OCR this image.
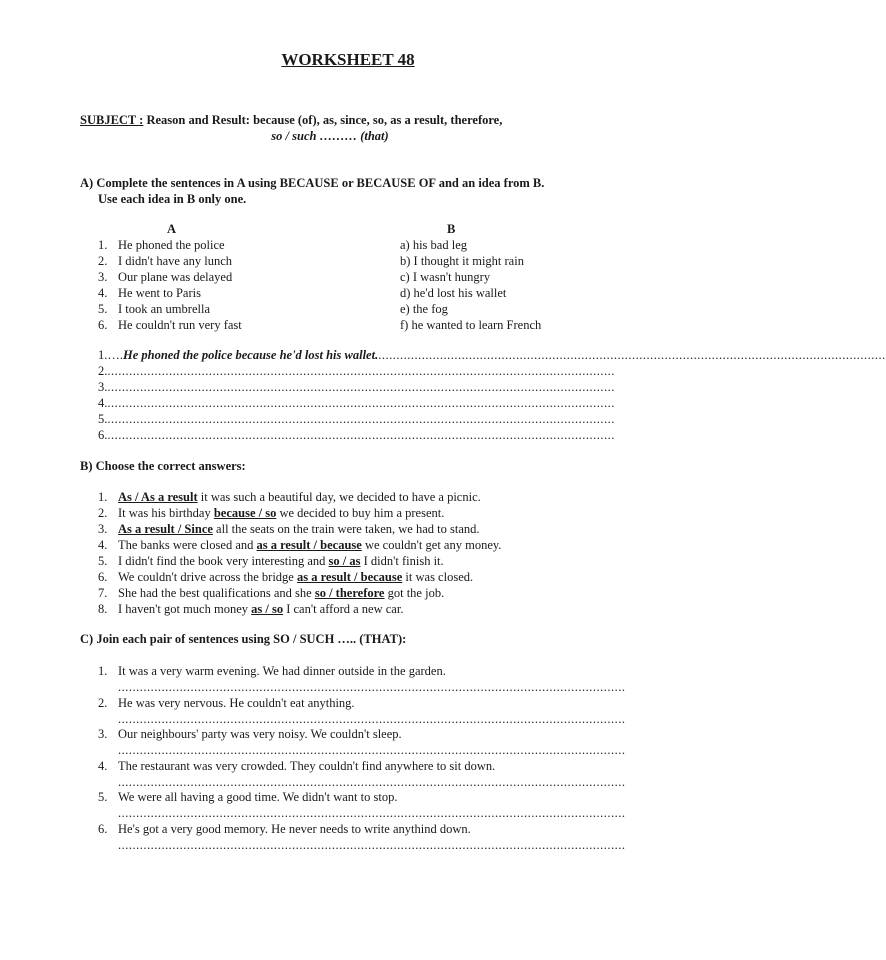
WORKSHEET 48
SUBJECT : Reason and Result: because (of), as, since, so, as a result, therefore,
so / such ……… (that)
A) Complete the sentences in A using BECAUSE or BECAUSE OF and an idea from B.
Use each idea in B only one.
A	B
1. He phoned the police
2. I didn't have any lunch
3. Our plane was delayed
4. He went to Paris
5. I took an umbrella
6. He couldn't run very fast
a) his bad leg
b) I thought it might rain
c) I wasn't hungry
d) he'd lost his wallet
e) the fog
f) he wanted to learn French
1. …. He phoned the police because he'd lost his wallet. ............................................................................................................................................
2. ............................................................................................................................................
3. ............................................................................................................................................
4. ............................................................................................................................................
5. ............................................................................................................................................
6. ............................................................................................................................................
B) Choose the correct answers:
1. As / As a result it was such a beautiful day, we decided to have a picnic.
2. It was his birthday because / so we decided to buy him a present.
3. As a result / Since all the seats on the train were taken, we had to stand.
4. The banks were closed and as a result / because we couldn't get any money.
5. I didn't find the book very interesting and so / as I didn't finish it.
6. We couldn't drive across the bridge as a result / because it was closed.
7. She had the best qualifications and she so / therefore got the job.
8. I haven't got much money as / so I can't afford a new car.
C) Join each pair of sentences using SO / SUCH ….. (THAT):
1. It was a very warm evening. We had dinner outside in the garden.
............................................................................................................................................
2. He was very nervous. He couldn't eat anything.
............................................................................................................................................
3. Our neighbours' party was very noisy. We couldn't sleep.
............................................................................................................................................
4. The restaurant was very crowded. They couldn't find anywhere to sit down.
............................................................................................................................................
5. We were all having a good time. We didn't want to stop.
............................................................................................................................................
6. He's got a very good memory. He never needs to write anythind down.
............................................................................................................................................
